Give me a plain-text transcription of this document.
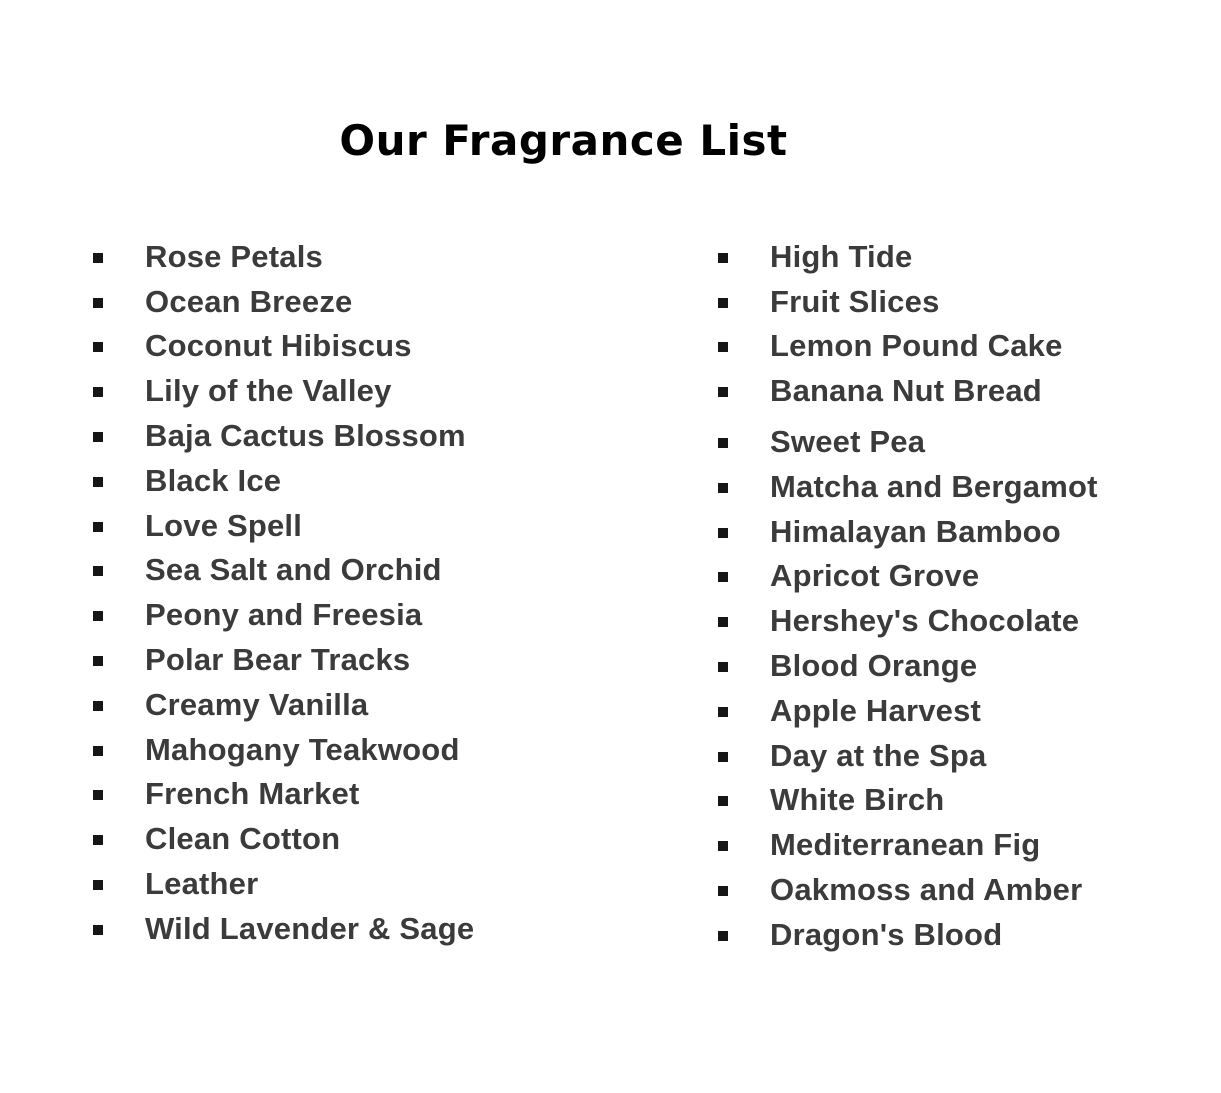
Our Fragrance List
Rose Petals
Ocean Breeze
Coconut Hibiscus
Lily of the Valley
Baja Cactus Blossom
Black Ice
Love Spell
Sea Salt and Orchid
Peony and Freesia
Polar Bear Tracks
Creamy Vanilla
Mahogany Teakwood
French Market
Clean Cotton
Leather
Wild Lavender & Sage
High Tide
Fruit Slices
Lemon Pound Cake
Banana Nut Bread
Sweet Pea
Matcha and Bergamot
Himalayan Bamboo
Apricot Grove
Hershey's Chocolate
Blood Orange
Apple Harvest
Day at the Spa
White Birch
Mediterranean Fig
Oakmoss and Amber
Dragon's Blood
